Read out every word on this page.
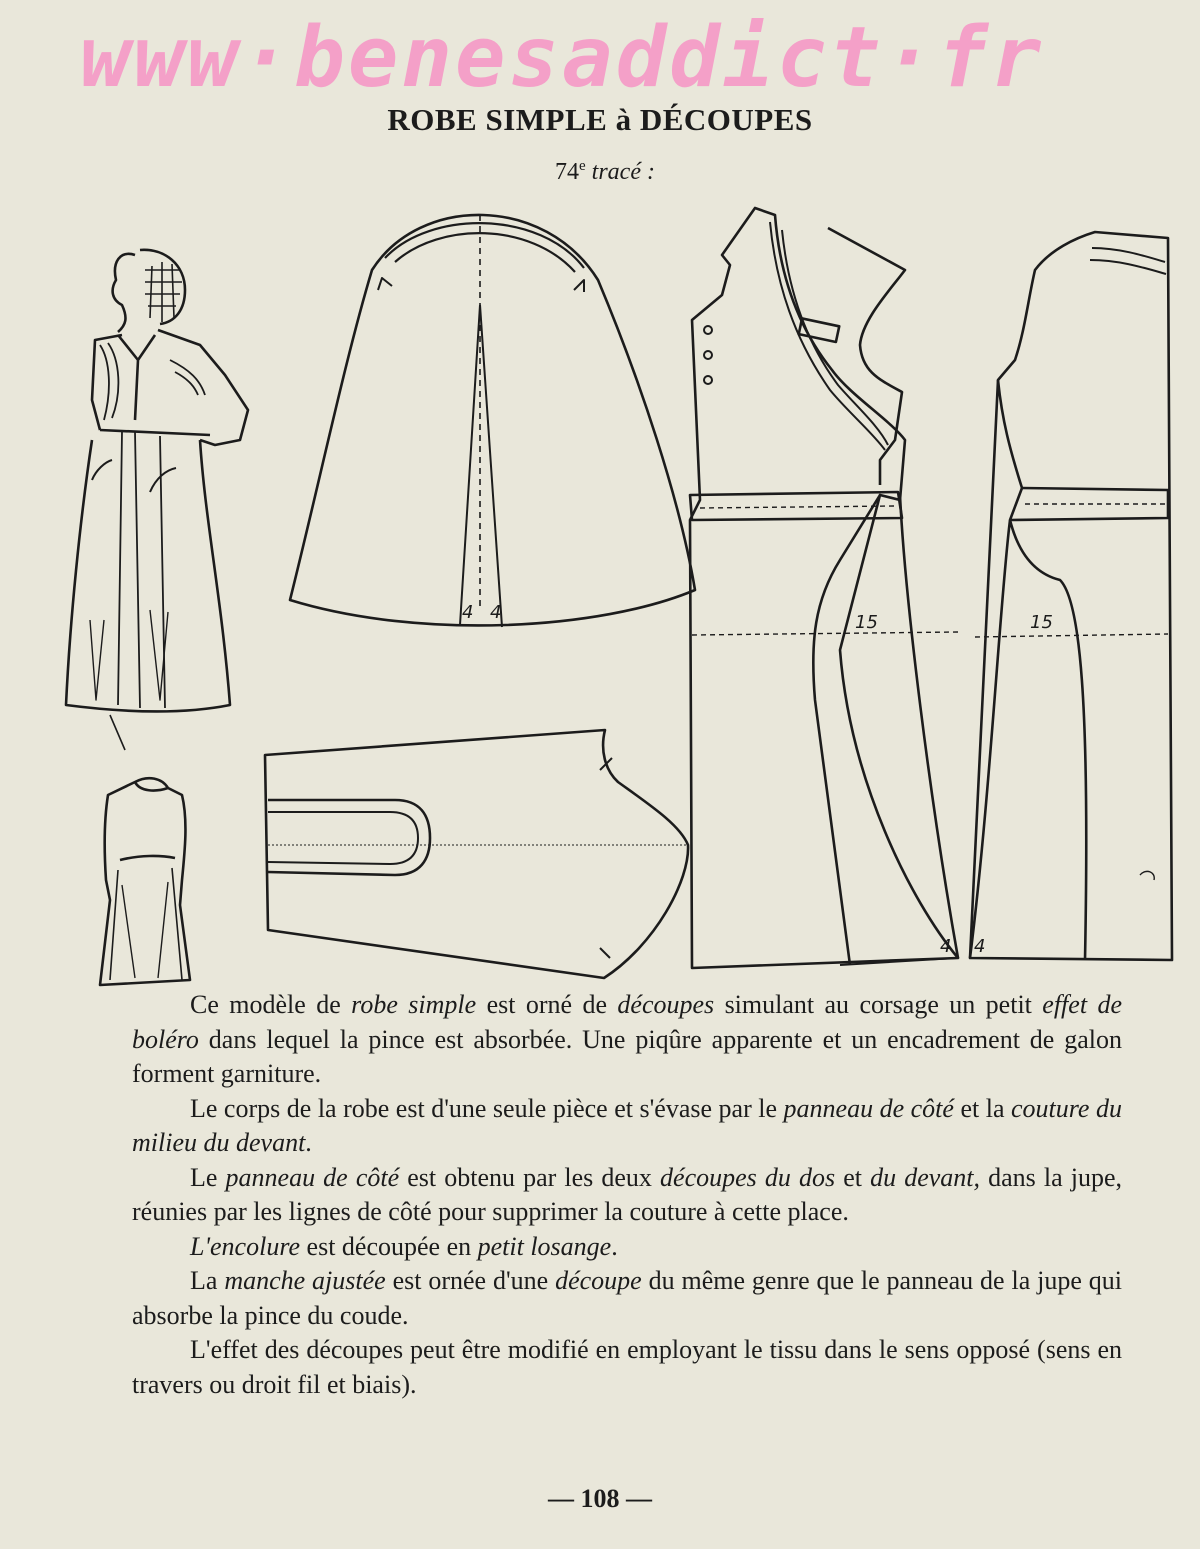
www·benesaddict·fr
ROBE SIMPLE à DÉCOUPES
74e tracé :
4 4	15	15
4 4

Ce modèle de robe simple est orné de découpes simulant au corsage un petit effet de boléro dans lequel la pince est absorbée. Une piqûre apparente et un encadrement de galon forment garniture.

Le corps de la robe est d'une seule pièce et s'évase par le panneau de côté et la couture du milieu du devant.

Le panneau de côté est obtenu par les deux découpes du dos et du devant, dans la jupe, réunies par les lignes de côté pour supprimer la couture à cette place.

L'encolure est découpée en petit losange.

La manche ajustée est ornée d'une découpe du même genre que le panneau de la jupe qui absorbe la pince du coude.

L'effet des découpes peut être modifié en employant le tissu dans le sens opposé (sens en travers ou droit fil et biais).

— 108 —
